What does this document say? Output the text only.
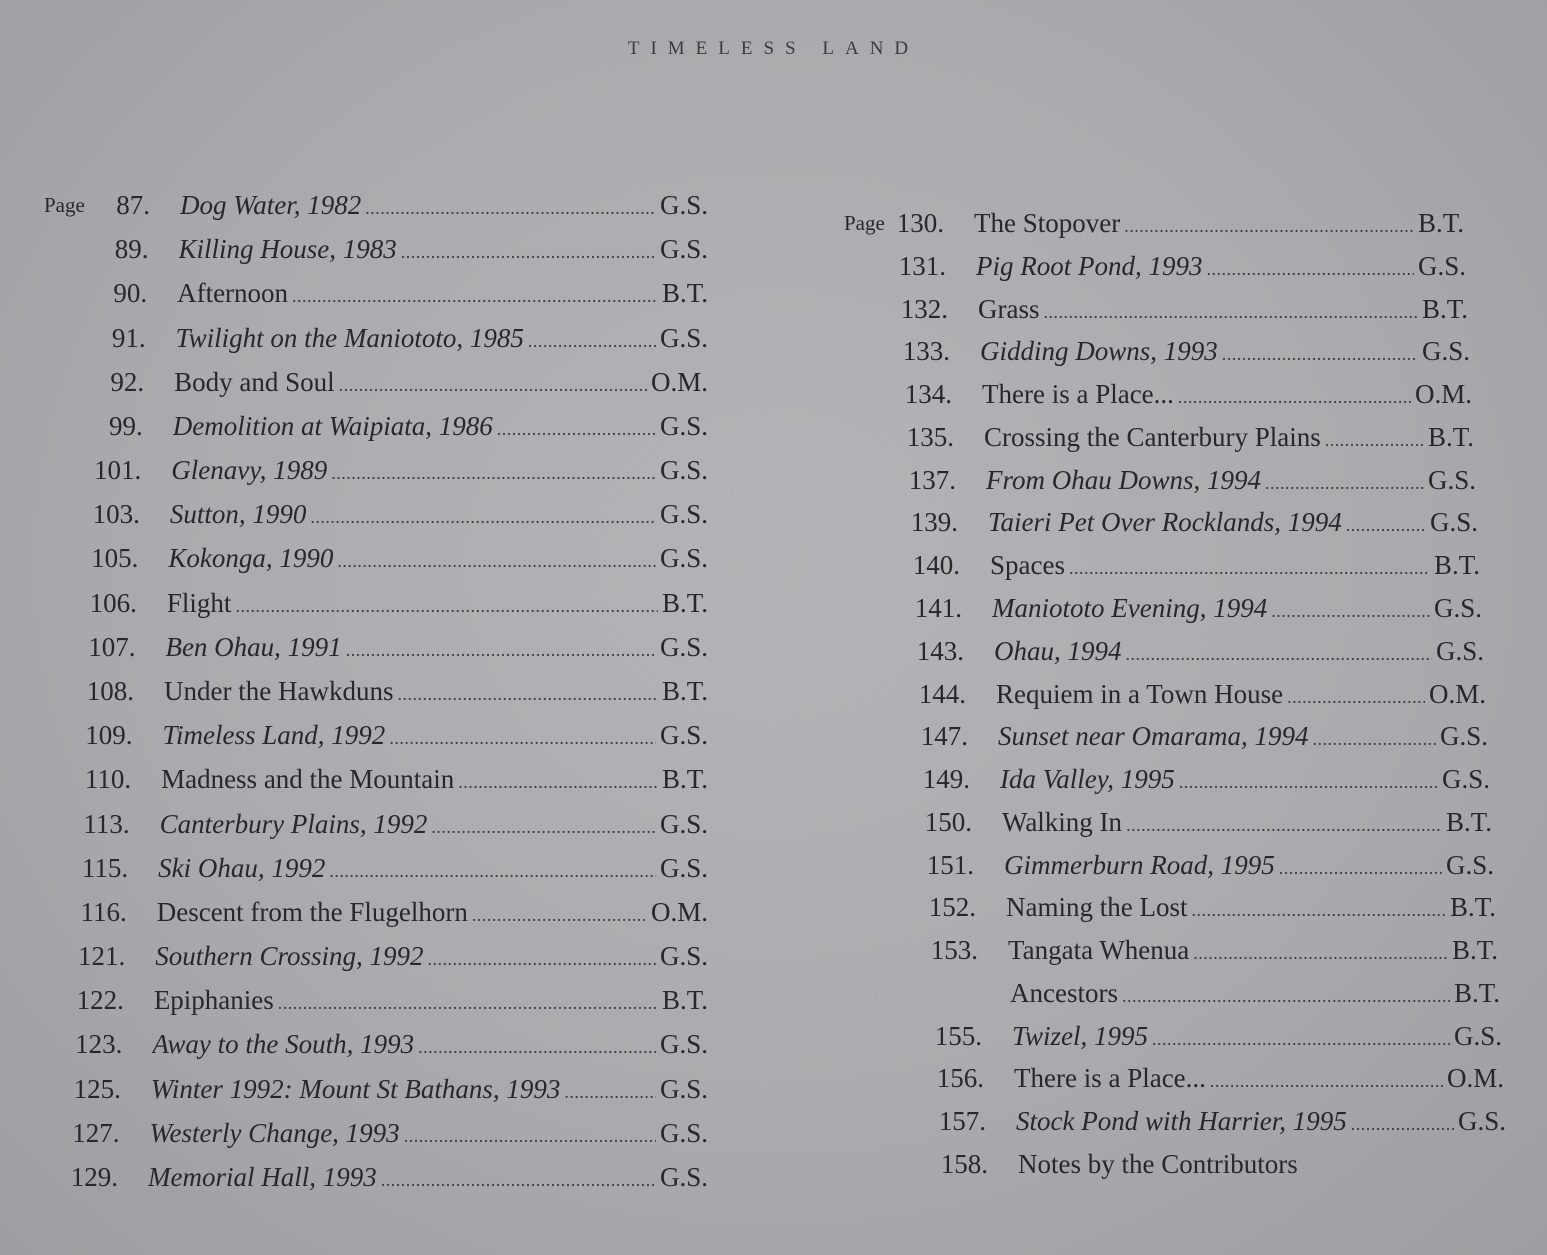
TIMELESS LAND
Page	87. Dog Water, 1982 . . .	G.S.
89. Killing House, 1983 . . .	G.S.
90. Afternoon . . .	B.T.
91. Twilight on the Maniototo, 1985 . . .	G.S.
92. Body and Soul . . .	O.M.
99. Demolition at Waipiata, 1986 . . .	G.S.
101. Glenavy, 1989 . . .	G.S.
103. Sutton, 1990 . . .	G.S.
105. Kokonga, 1990 . . .	G.S.
106. Flight . . .	B.T.
107. Ben Ohau, 1991 . . .	G.S.
108. Under the Hawkduns . . .	B.T.
109. Timeless Land, 1992 . . .	G.S.
110. Madness and the Mountain . . .	B.T.
113. Canterbury Plains, 1992 . . .	G.S.
115. Ski Ohau, 1992 . . .	G.S.
116. Descent from the Flugelhorn . . .	O.M.
121. Southern Crossing, 1992 . . .	G.S.
122. Epiphanies . . .	B.T.
123. Away to the South, 1993 . . .	G.S.
125. Winter 1992: Mount St Bathans, 1993 . . .	G.S.
127. Westerly Change, 1993 . . .	G.S.
129. Memorial Hall, 1993 . . .	G.S.
Page 130. The Stopover . . .	B.T.
131. Pig Root Pond, 1993 . . .	G.S.
132. Grass . . .	B.T.
133. Gidding Downs, 1993 . . .	G.S.
134. There is a Place... . . .	O.M.
135. Crossing the Canterbury Plains . . .	B.T.
137. From Ohau Downs, 1994 . . .	G.S.
139. Taieri Pet Over Rocklands, 1994 . . .	G.S.
140. Spaces . . .	B.T.
141. Maniototo Evening, 1994 . . .	G.S.
143. Ohau, 1994 . . .	G.S.
144. Requiem in a Town House . . .	O.M.
147. Sunset near Omarama, 1994 . . .	G.S.
149. Ida Valley, 1995 . . .	G.S.
150. Walking In . . .	B.T.
151. Gimmerburn Road, 1995 . . .	G.S.
152. Naming the Lost . . .	B.T.
153. Tangata Whenua . . .	B.T.
Ancestors . . .	B.T.
155. Twizel, 1995 . . .	G.S.
156. There is a Place... . . .	O.M.
157. Stock Pond with Harrier, 1995 . . .	G.S.
158. Notes by the Contributors
